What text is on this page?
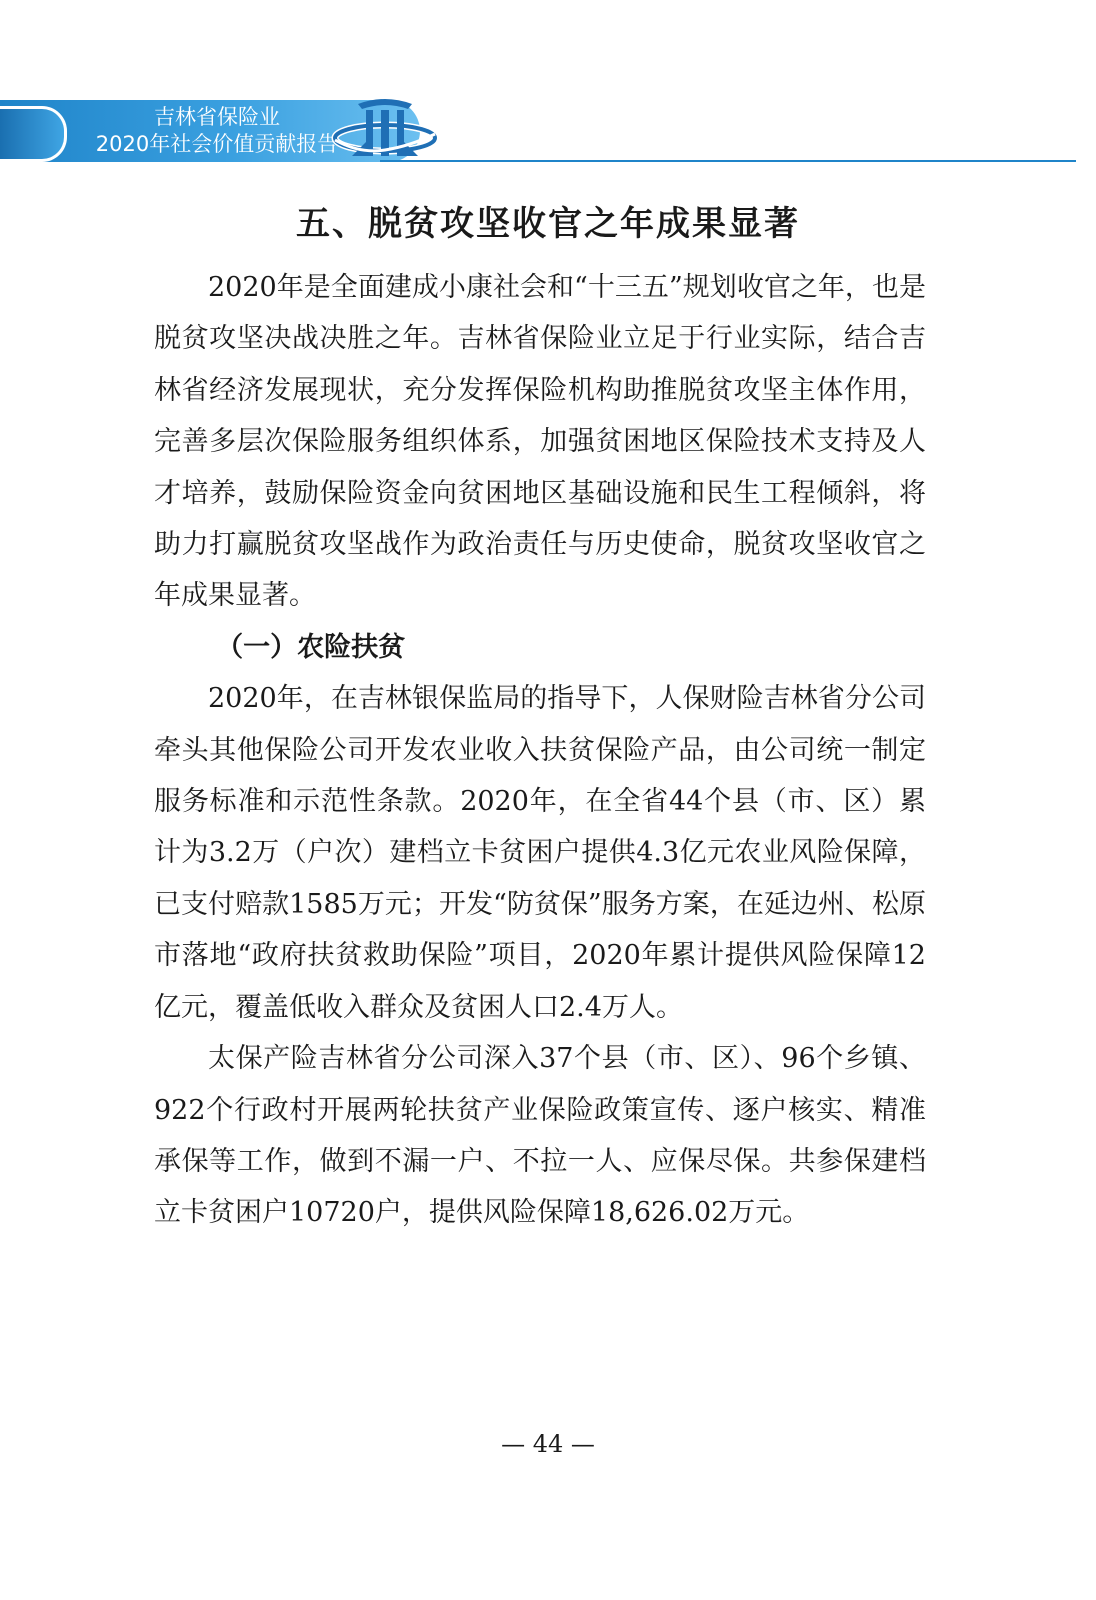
吉林省保险业
2020年社会价值贡献报告
五、脱贫攻坚收官之年成果显著

2020年是全面建成小康社会和“十三五”规划收官之年，也是脱贫攻坚决战决胜之年。吉林省保险业立足于行业实际，结合吉林省经济发展现状，充分发挥保险机构助推脱贫攻坚主体作用，完善多层次保险服务组织体系，加强贫困地区保险技术支持及人才培养，鼓励保险资金向贫困地区基础设施和民生工程倾斜，将助力打赢脱贫攻坚战作为政治责任与历史使命，脱贫攻坚收官之年成果显著。

（一）农险扶贫

2020年，在吉林银保监局的指导下，人保财险吉林省分公司牵头其他保险公司开发农业收入扶贫保险产品，由公司统一制定服务标准和示范性条款。2020年，在全省44个县（市、区）累计为3.2万（户次）建档立卡贫困户提供4.3亿元农业风险保障，已支付赔款1585万元；开发“防贫保”服务方案，在延边州、松原市落地“政府扶贫救助保险”项目，2020年累计提供风险保障12亿元，覆盖低收入群众及贫困人口2.4万人。

太保产险吉林省分公司深入37个县（市、区）、96个乡镇、922个行政村开展两轮扶贫产业保险政策宣传、逐户核实、精准承保等工作，做到不漏一户、不拉一人、应保尽保。共参保建档立卡贫困户10720户，提供风险保障18,626.02万元。

— 44 —
